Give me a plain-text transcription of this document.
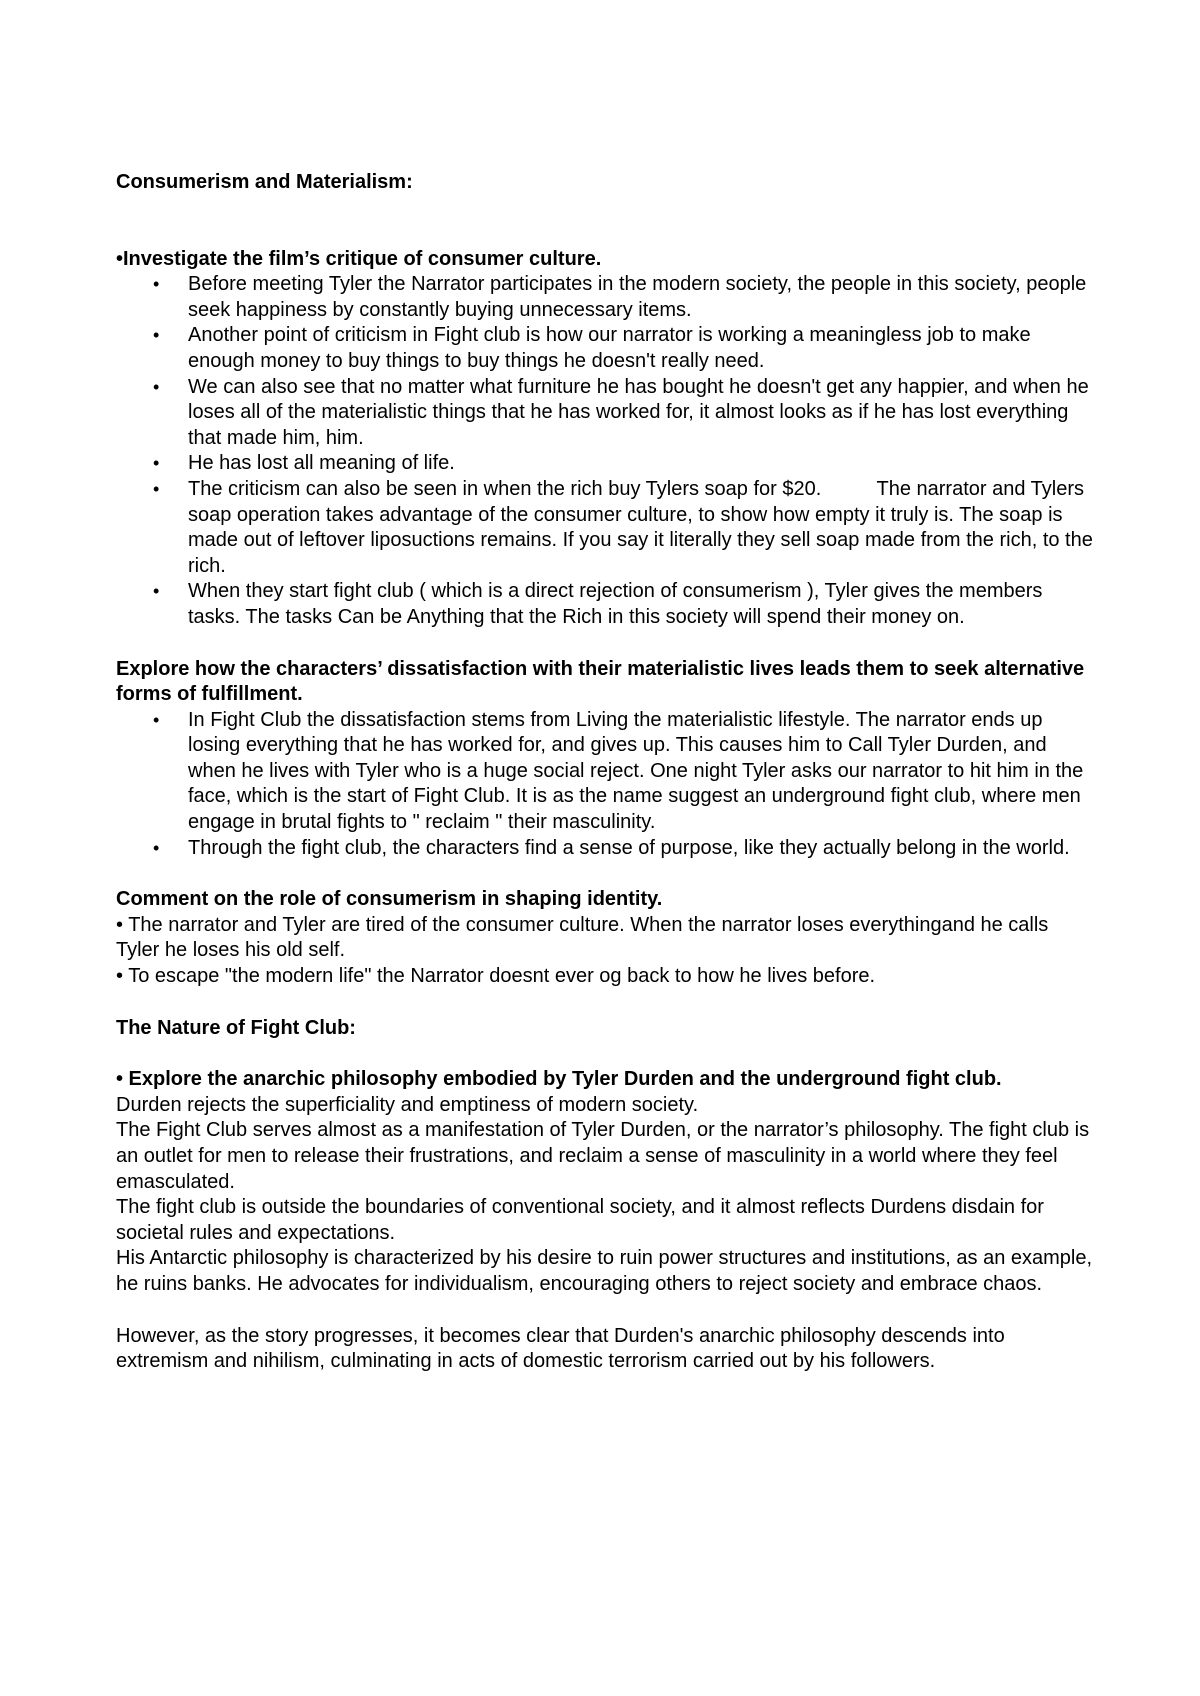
Consumerism and Materialism:

•Investigate the film’s critique of consumer culture.

• Before meeting Tyler the Narrator participates in the modern society, the people in this society, people seek happiness by constantly buying unnecessary items.
• Another point of criticism in Fight club is how our narrator is working a meaningless job to make enough money to buy things to buy things he doesn't really need.
• We can also see that no matter what furniture he has bought he doesn't get any happier, and when he loses all of the materialistic things that he has worked for, it almost looks as if he has lost everything that made him, him.
• He has lost all meaning of life.
• The criticism can also be seen in when the rich buy Tylers soap for $20.          The narrator and Tylers soap operation takes advantage of the consumer culture, to show how empty it truly is. The soap is made out of leftover liposuctions remains. If you say it literally they sell soap made from the rich, to the rich.
• When they start fight club ( which is a direct rejection of consumerism ), Tyler gives the members tasks. The tasks Can be Anything that the Rich in this society will spend their money on.

Explore how the characters’ dissatisfaction with their materialistic lives leads them to seek alternative forms of fulfillment.

• In Fight Club the dissatisfaction stems from Living the materialistic lifestyle. The narrator ends up losing everything that he has worked for, and gives up. This causes him to Call Tyler Durden, and when he lives with Tyler who is a huge social reject. One night Tyler asks our narrator to hit him in the face, which is the start of Fight Club. It is as the name suggest an underground fight club, where men engage in brutal fights to " reclaim " their masculinity.
• Through the fight club, the characters find a sense of purpose, like they actually belong in the world.

Comment on the role of consumerism in shaping identity.

• The narrator and Tyler are tired of the consumer culture. When the narrator loses everythingand he calls Tyler he loses his old self.

• To escape "the modern life" the Narrator doesnt ever og back to how he lives before.

The Nature of Fight Club:

• Explore the anarchic philosophy embodied by Tyler Durden and the underground fight club.

Durden rejects the superficiality and emptiness of modern society.

The Fight Club serves almost as a manifestation of Tyler Durden, or the narrator’s philosophy. The fight club is an outlet for men to release their frustrations, and reclaim a sense of masculinity in a world where they feel emasculated.

The fight club is outside the boundaries of conventional society, and it almost reflects Durdens disdain for societal rules and expectations.

His Antarctic philosophy is characterized by his desire to ruin power structures and institutions, as an example, he ruins banks. He advocates for individualism, encouraging others to reject society and embrace chaos.

However, as the story progresses, it becomes clear that Durden's anarchic philosophy descends into extremism and nihilism, culminating in acts of domestic terrorism carried out by his followers.
